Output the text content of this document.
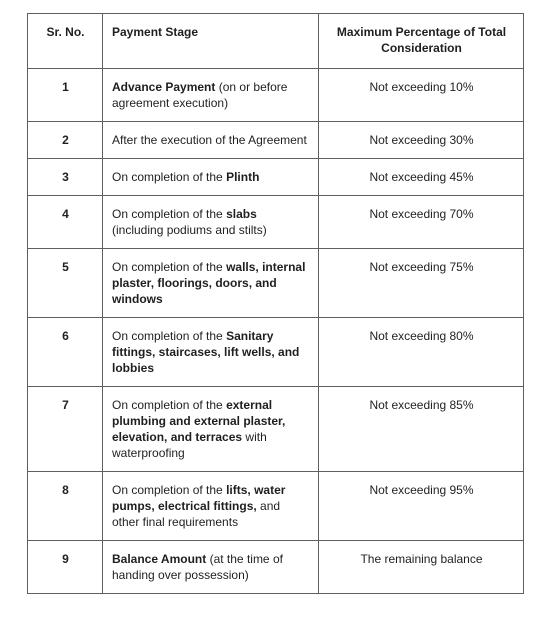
Sr. No.	Payment Stage	Maximum Percentage of Total Consideration
1	Advance Payment (on or before agreement execution)	Not exceeding 10%
2	After the execution of the Agreement	Not exceeding 30%
3	On completion of the Plinth	Not exceeding 45%
4	On completion of the slabs (including podiums and stilts)	Not exceeding 70%
5	On completion of the walls, internal plaster, floorings, doors, and windows	Not exceeding 75%
6	On completion of the Sanitary fittings, staircases, lift wells, and lobbies	Not exceeding 80%
7	On completion of the external plumbing and external plaster, elevation, and terraces with waterproofing	Not exceeding 85%
8	On completion of the lifts, water pumps, electrical fittings, and other final requirements	Not exceeding 95%
9	Balance Amount (at the time of handing over possession)	The remaining balance
